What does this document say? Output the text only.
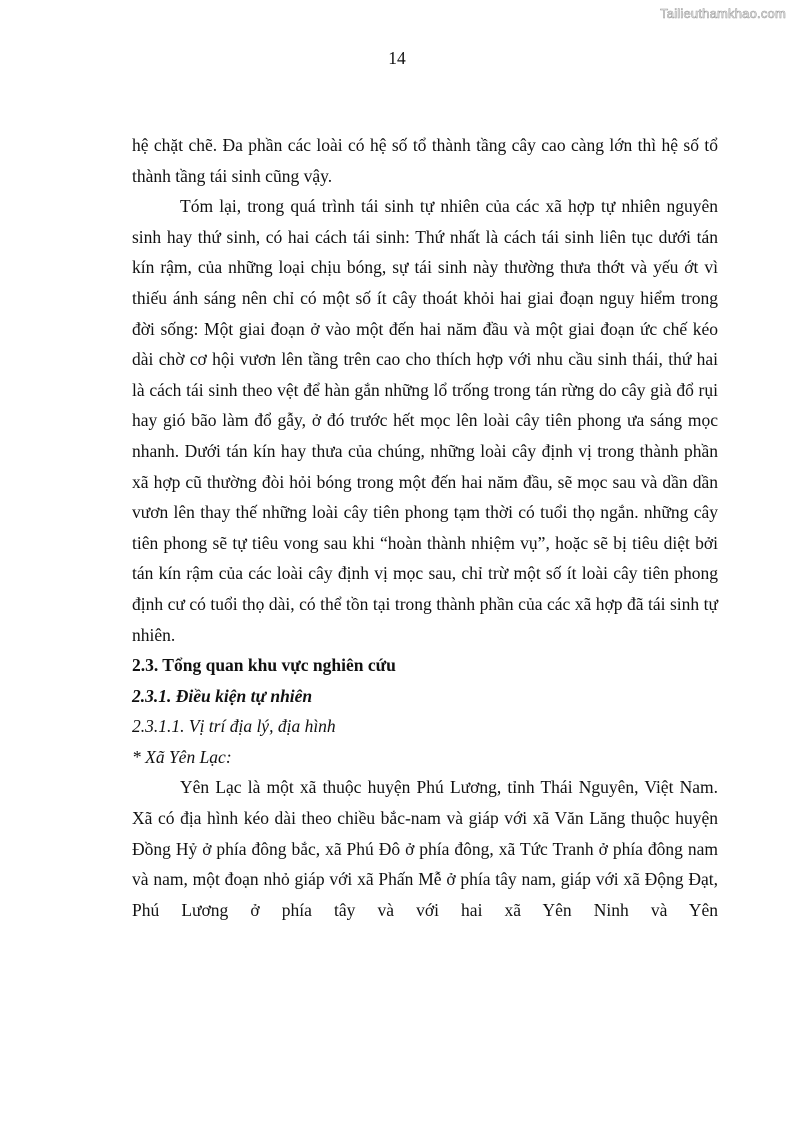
Tailieuthamkhao.com
14

hệ chặt chẽ. Đa phần các loài có hệ số tổ thành tầng cây cao càng lớn thì hệ số tổ thành tầng tái sinh cũng vậy.

Tóm lại, trong quá trình tái sinh tự nhiên của các xã hợp tự nhiên nguyên sinh hay thứ sinh, có hai cách tái sinh: Thứ nhất là cách tái sinh liên tục dưới tán kín rậm, của những loại chịu bóng, sự tái sinh này thường thưa thớt và yếu ớt vì thiếu ánh sáng nên chỉ có một số ít cây thoát khỏi hai giai đoạn nguy hiểm trong đời sống: Một giai đoạn ở vào một đến hai năm đầu và một giai đoạn ức chế kéo dài chờ cơ hội vươn lên tầng trên cao cho thích hợp với nhu cầu sinh thái, thứ hai là cách tái sinh theo vệt để hàn gắn những lổ trống trong tán rừng do cây già đổ rụi hay gió bão làm đổ gẫy, ở đó trước hết mọc lên loài cây tiên phong ưa sáng mọc nhanh. Dưới tán kín hay thưa của chúng, những loài cây định vị trong thành phần xã hợp cũ thường đòi hỏi bóng trong một đến hai năm đầu, sẽ mọc sau và dần dần vươn lên thay thế những loài cây tiên phong tạm thời có tuổi thọ ngắn. những cây tiên phong sẽ tự tiêu vong sau khi “hoàn thành nhiệm vụ”, hoặc sẽ bị tiêu diệt bởi tán kín rậm của các loài cây định vị mọc sau, chỉ trừ một số ít loài cây tiên phong định cư có tuổi thọ dài, có thể tồn tại trong thành phần của các xã hợp đã tái sinh tự nhiên.

2.3. Tổng quan khu vực nghiên cứu
2.3.1. Điều kiện tự nhiên
2.3.1.1. Vị trí địa lý, địa hình
* Xã Yên Lạc:

Yên Lạc là một xã thuộc huyện Phú Lương, tỉnh Thái Nguyên, Việt Nam. Xã có địa hình kéo dài theo chiều bắc-nam và giáp với xã Văn Lăng thuộc huyện Đồng Hỷ ở phía đông bắc, xã Phú Đô ở phía đông, xã Tức Tranh ở phía đông nam và nam, một đoạn nhỏ giáp với xã Phấn Mễ ở phía tây nam, giáp với xã Động Đạt, Phú Lương ở phía tây và với hai xã Yên Ninh và Yên
